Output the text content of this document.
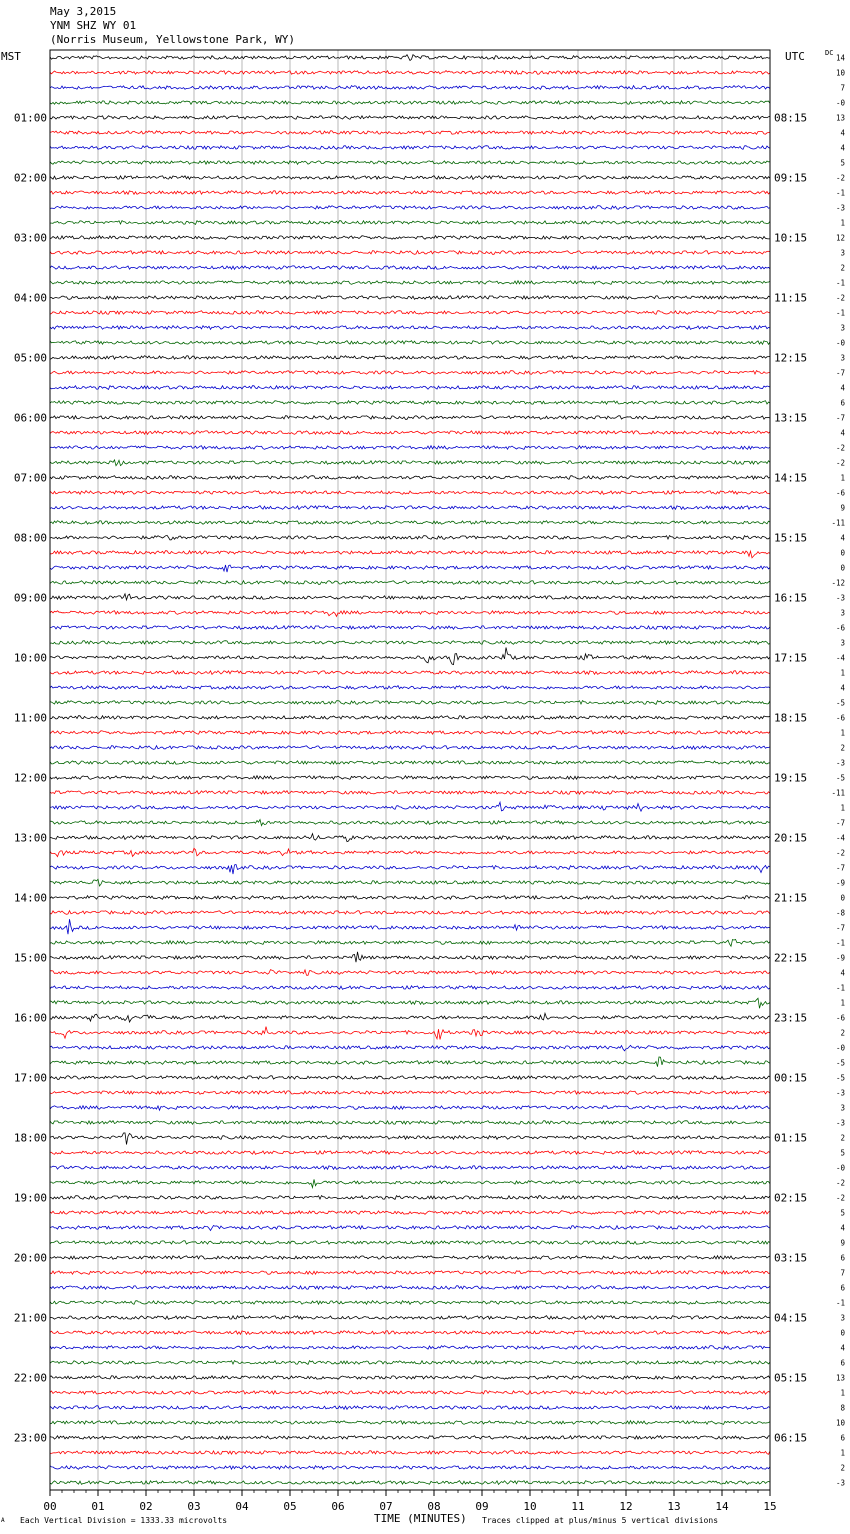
01:00
02:00
03:00
04:00
05:00
06:00
07:00
08:00
09:00
10:00
11:00
12:00
13:00
14:00
15:00
16:00
17:00
18:00
19:00
20:00
21:00
22:00
23:00
08:15
09:15
10:15
11:15
12:15
13:15
14:15
15:15
16:15
17:15
18:15
19:15
20:15
21:15
22:15
23:15
00:15
01:15
02:15
03:15
04:15
05:15
06:15
14
10
7
-0
13
4
4
5
-2
-1
-3
1
12
3
2
-1
-2
-1
3
-0
3
-7
4
6
-7
4
-2
-2
1
-6
9
-11
4
0
0
-12
-3
3
-6
3
-4
1
4
-5
-6
1
2
-3
-5
-11
1
-7
-4
-2
-7
-9
0
-8
-7
-1
-9
4
-1
1
-6
2
-0
-5
-5
-3
3
-3
2
5
-0
-2
-2
5
4
9
6
7
6
-1
3
0
4
6
13
1
8
10
6
1
2
-3
00	01	02	03	04	05	06	07	08	09	10	11	12	13	14	15
May 3,2015
YNM SHZ WY 01
(Norris Museum, Yellowstone Park, WY)
MST	UTC	DC
TIME (MINUTES)
Each Vertical Division = 1333.33 microvolts	Traces clipped at plus/minus 5 vertical divisions
A
